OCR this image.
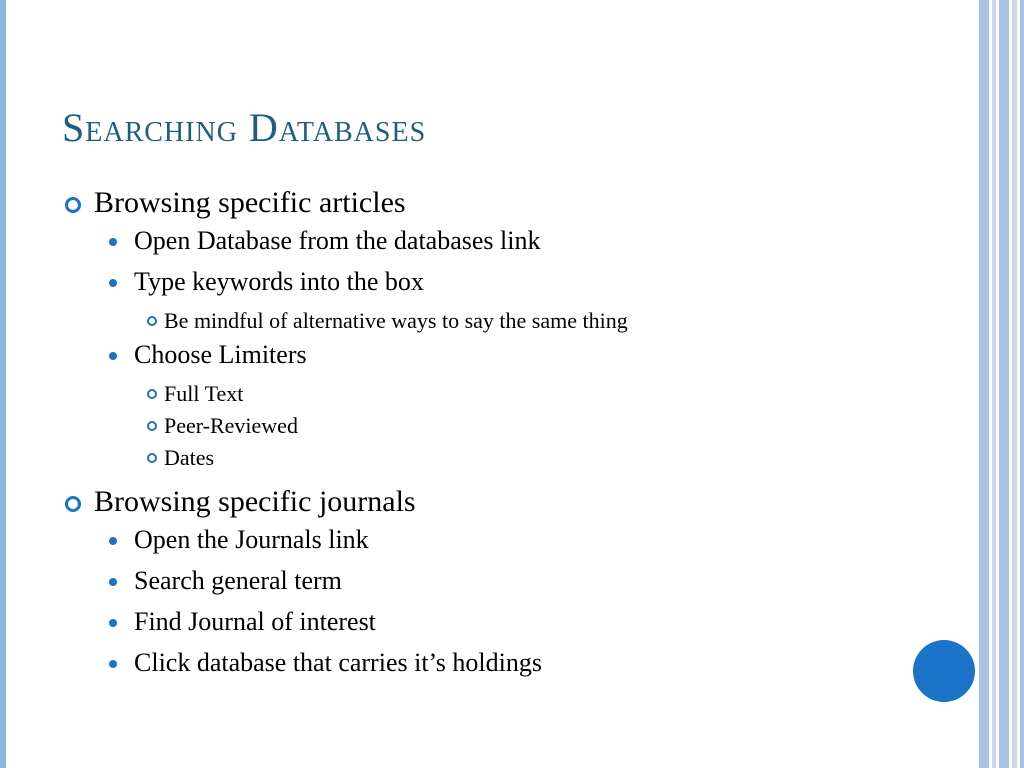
Searching Databases
Browsing specific articles
Open Database from the databases link
Type keywords into the box
Be mindful of alternative ways to say the same thing
Choose Limiters
Full Text
Peer-Reviewed
Dates
Browsing specific journals
Open the Journals link
Search general term
Find Journal of interest
Click database that carries it’s holdings
